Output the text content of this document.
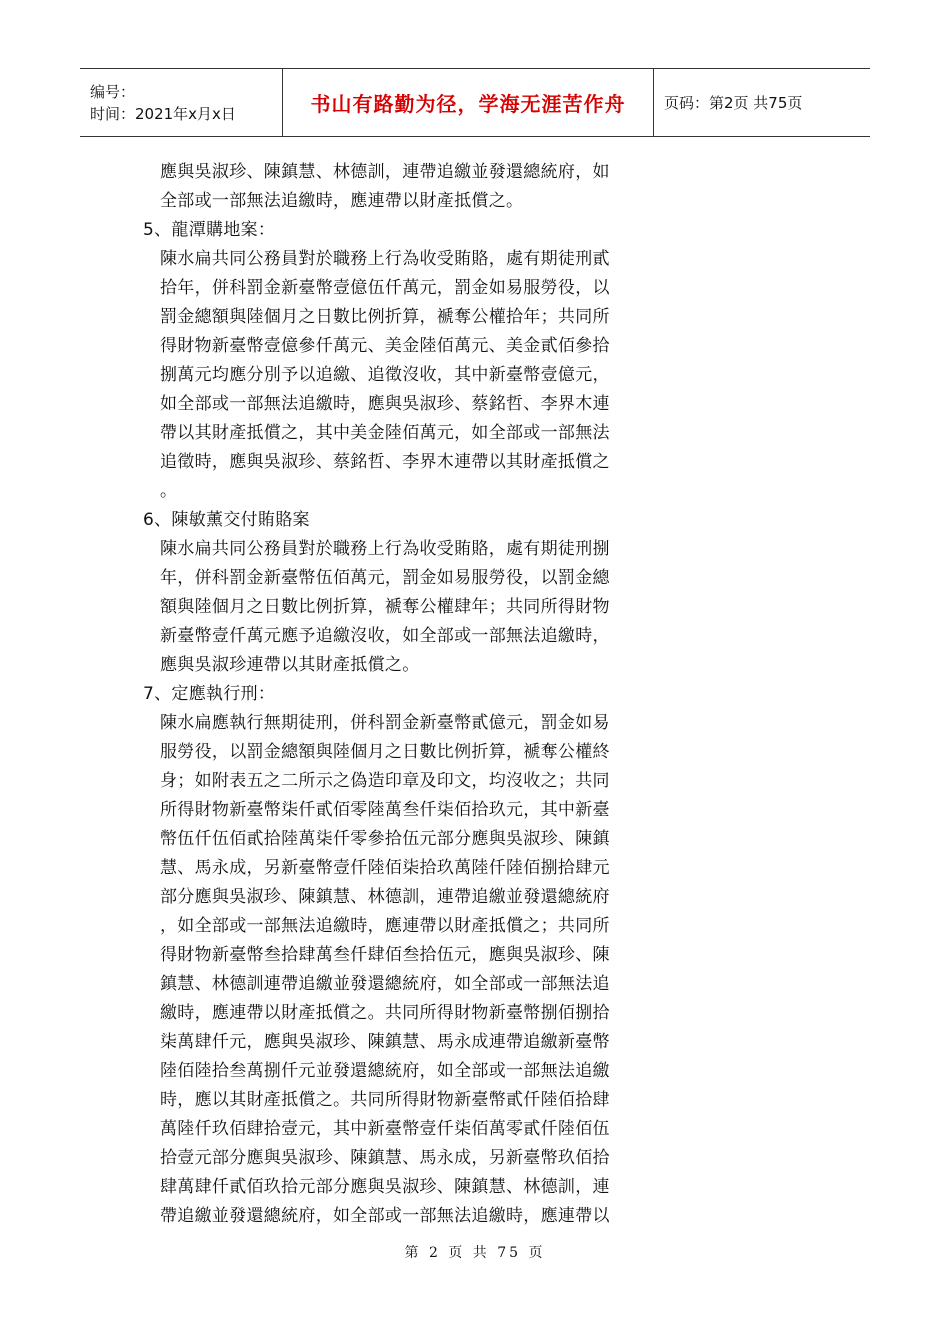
编号：
时间：2021年x月x日	书山有路勤为径，学海无涯苦作舟	页码：第2页 共75页
應與吳淑珍、陳鎮慧、林德訓，連帶追繳並發還總統府，如
全部或一部無法追繳時，應連帶以財產抵償之。
5、龍潭購地案：
陳水扁共同公務員對於職務上行為收受賄賂，處有期徒刑貳
拾年，併科罰金新臺幣壹億伍仟萬元，罰金如易服勞役，以
罰金總額與陸個月之日數比例折算，褫奪公權拾年；共同所
得財物新臺幣壹億參仟萬元、美金陸佰萬元、美金貳佰參拾
捌萬元均應分別予以追繳、追徵沒收，其中新臺幣壹億元，
如全部或一部無法追繳時，應與吳淑珍、蔡銘哲、李界木連
帶以其財產抵償之，其中美金陸佰萬元，如全部或一部無法
追徵時，應與吳淑珍、蔡銘哲、李界木連帶以其財產抵償之
。
6、陳敏薰交付賄賂案
陳水扁共同公務員對於職務上行為收受賄賂，處有期徒刑捌
年，併科罰金新臺幣伍佰萬元，罰金如易服勞役，以罰金總
額與陸個月之日數比例折算，褫奪公權肆年；共同所得財物
新臺幣壹仟萬元應予追繳沒收，如全部或一部無法追繳時，
應與吳淑珍連帶以其財產抵償之。
7、定應執行刑：
陳水扁應執行無期徒刑，併科罰金新臺幣貳億元，罰金如易
服勞役，以罰金總額與陸個月之日數比例折算，褫奪公權終
身；如附表五之二所示之偽造印章及印文，均沒收之；共同
所得財物新臺幣柒仟貳佰零陸萬叁仟柒佰拾玖元，其中新臺
幣伍仟伍佰貳拾陸萬柒仟零參拾伍元部分應與吳淑珍、陳鎮
慧、馬永成，另新臺幣壹仟陸佰柒拾玖萬陸仟陸佰捌拾肆元
部分應與吳淑珍、陳鎮慧、林德訓，連帶追繳並發還總統府
，如全部或一部無法追繳時，應連帶以財產抵償之；共同所
得財物新臺幣叁拾肆萬叁仟肆佰叁拾伍元，應與吳淑珍、陳
鎮慧、林德訓連帶追繳並發還總統府，如全部或一部無法追
繳時，應連帶以財產抵償之。共同所得財物新臺幣捌佰捌拾
柒萬肆仟元，應與吳淑珍、陳鎮慧、馬永成連帶追繳新臺幣
陸佰陸拾叁萬捌仟元並發還總統府，如全部或一部無法追繳
時，應以其財產抵償之。共同所得財物新臺幣貳仟陸佰拾肆
萬陸仟玖佰肆拾壹元，其中新臺幣壹仟柒佰萬零貳仟陸佰伍
拾壹元部分應與吳淑珍、陳鎮慧、馬永成，另新臺幣玖佰拾
肆萬肆仟貳佰玖拾元部分應與吳淑珍、陳鎮慧、林德訓，連
帶追繳並發還總統府，如全部或一部無法追繳時，應連帶以
第 2 页 共 75 页
